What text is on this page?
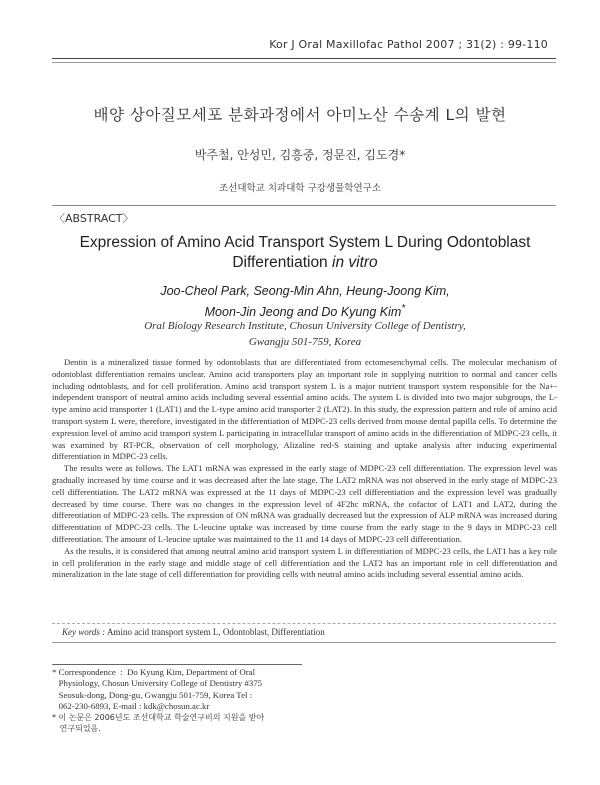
Kor J Oral Maxillofac Pathol 2007 ; 31(2) : 99-110
배양 상아질모세포 분화과정에서 아미노산 수송계 L의 발현
박주철, 안성민, 김흥중, 정문진, 김도경*
조선대학교 치과대학 구강생물학연구소
〈ABSTRACT〉
Expression of Amino Acid Transport System L During Odontoblast
Differentiation in vitro
Joo-Cheol Park, Seong-Min Ahn, Heung-Joong Kim,
Moon-Jin Jeong and Do Kyung Kim*
Oral Biology Research Institute, Chosun University College of Dentistry,
Gwangju 501-759, Korea

Dentin is a mineralized tissue formed by odontoblasts that are differentiated from ectomesenchymal cells. The molecular mechanism of odontoblast differentiation remains unclear. Amino acid transporters play an important role in supplying nutrition to normal and cancer cells including odntoblasts, and for cell proliferation. Amino acid transport system L is a major nutrient transport system responsible for the Na+-independent transport of neutral amino acids including several essential amino acids. The system L is divided into two major subgroups, the L-type amino acid transporter 1 (LAT1) and the L-type amino acid transporter 2 (LAT2). In this study, the expression pattern and role of amino acid transport system L were, therefore, investigated in the differentiation of MDPC-23 cells derived from mouse dental papilla cells. To determine the expression level of amino acid transport system L participating in intracellular transport of amino acids in the differentiation of MDPC-23 cells, it was examined by RT-PCR, observation of cell morphology, Alizaline red-S staining and uptake analysis after inducing experimental differentiation in MDPC-23 cells.

The results were as follows. The LAT1 mRNA was expressed in the early stage of MDPC-23 cell differentiation. The expression level was gradually increased by time course and it was decreased after the late stage. The LAT2 mRNA was not observed in the early stage of MDPC-23 cell differentiation. The LAT2 mRNA was expressed at the 11 days of MDPC-23 cell differentiation and the expression level was gradually decreased by time course. There was no changes in the expression level of 4F2hc mRNA, the cofactor of LAT1 and LAT2, during the differentiation of MDPC-23 cells. The expression of ON mRNA was gradually decreased but the expression of ALP mRNA was increased during differentiation of MDPC-23 cells. The L-leucine uptake was increased by time course from the early stage to the 9 days in MDPC-23 cell differentiation. The amount of L-leucine uptake was maintained to the 11 and 14 days of MDPC-23 cell differentiation.

As the results, it is considered that among neutral amino acid transport system L in differentiation of MDPC-23 cells, the LAT1 has a key role in cell proliferation in the early stage and middle stage of cell differentiation and the LAT2 has an important role in cell differentiation and mineralization in the late stage of cell differentiation for providing cells with neutral amino acids including several essential amino acids.

Key words : Amino acid transport system L, Odontoblast, Differentiation
* Correspondence  :  Do Kyung Kim, Department of Oral
Physiology, Chosun University College of Dentistry #375
Seosuk-dong, Dong-gu, Gwangju 501-759, Korea Tel :
062-230-6893, E-mail : kdk@chosun.ac.kr
* 이 논문은 2006년도 조선대학교 학술연구비의 지원을 받아
연구되었음.
